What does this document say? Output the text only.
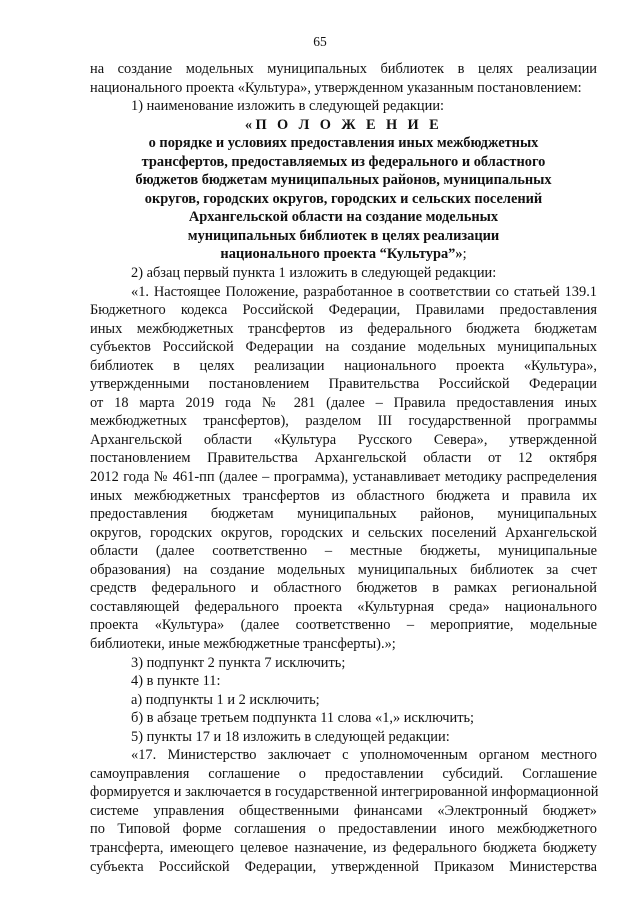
65
на создание модельных муниципальных библиотек в целях реализации
национального проекта «Культура», утвержденном указанным постановлением:
1) наименование изложить в следующей редакции:
«П О Л О Ж Е Н И Е
о порядке и условиях предоставления иных межбюджетных
трансфертов, предоставляемых из федерального и областного
бюджетов бюджетам муниципальных районов, муниципальных
округов, городских округов, городских и сельских поселений
Архангельской области на создание модельных
муниципальных библиотек в целях реализации
национального проекта “Культура”»;
2) абзац первый пункта 1 изложить в следующей редакции:
«1. Настоящее Положение, разработанное в соответствии со статьей 139.1
Бюджетного кодекса Российской Федерации, Правилами предоставления
иных межбюджетных трансфертов из федерального бюджета бюджетам
субъектов Российской Федерации на создание модельных муниципальных
библиотек в целях реализации национального проекта «Культура»,
утвержденными постановлением Правительства Российской Федерации
от 18 марта 2019 года № 281 (далее – Правила предоставления иных
межбюджетных трансфертов), разделом III государственной программы
Архангельской области «Культура Русского Севера», утвержденной
постановлением Правительства Архангельской области от 12 октября
2012 года № 461-пп (далее – программа), устанавливает методику распределения
иных межбюджетных трансфертов из областного бюджета и правила их
предоставления бюджетам муниципальных районов, муниципальных
округов, городских округов, городских и сельских поселений Архангельской
области (далее соответственно – местные бюджеты, муниципальные
образования) на создание модельных муниципальных библиотек за счет
средств федерального и областного бюджетов в рамках региональной
составляющей федерального проекта «Культурная среда» национального
проекта «Культура» (далее соответственно – мероприятие, модельные
библиотеки, иные межбюджетные трансферты).»;
3) подпункт 2 пункта 7 исключить;
4) в пункте 11:
а) подпункты 1 и 2 исключить;
б) в абзаце третьем подпункта 11 слова «1,» исключить;
5) пункты 17 и 18 изложить в следующей редакции:
«17. Министерство заключает с уполномоченным органом местного
самоуправления соглашение о предоставлении субсидий. Соглашение
формируется и заключается в государственной интегрированной информационной
системе управления общественными финансами «Электронный бюджет»
по Типовой форме соглашения о предоставлении иного межбюджетного
трансферта, имеющего целевое назначение, из федерального бюджета бюджету
субъекта Российской Федерации, утвержденной Приказом Министерства
